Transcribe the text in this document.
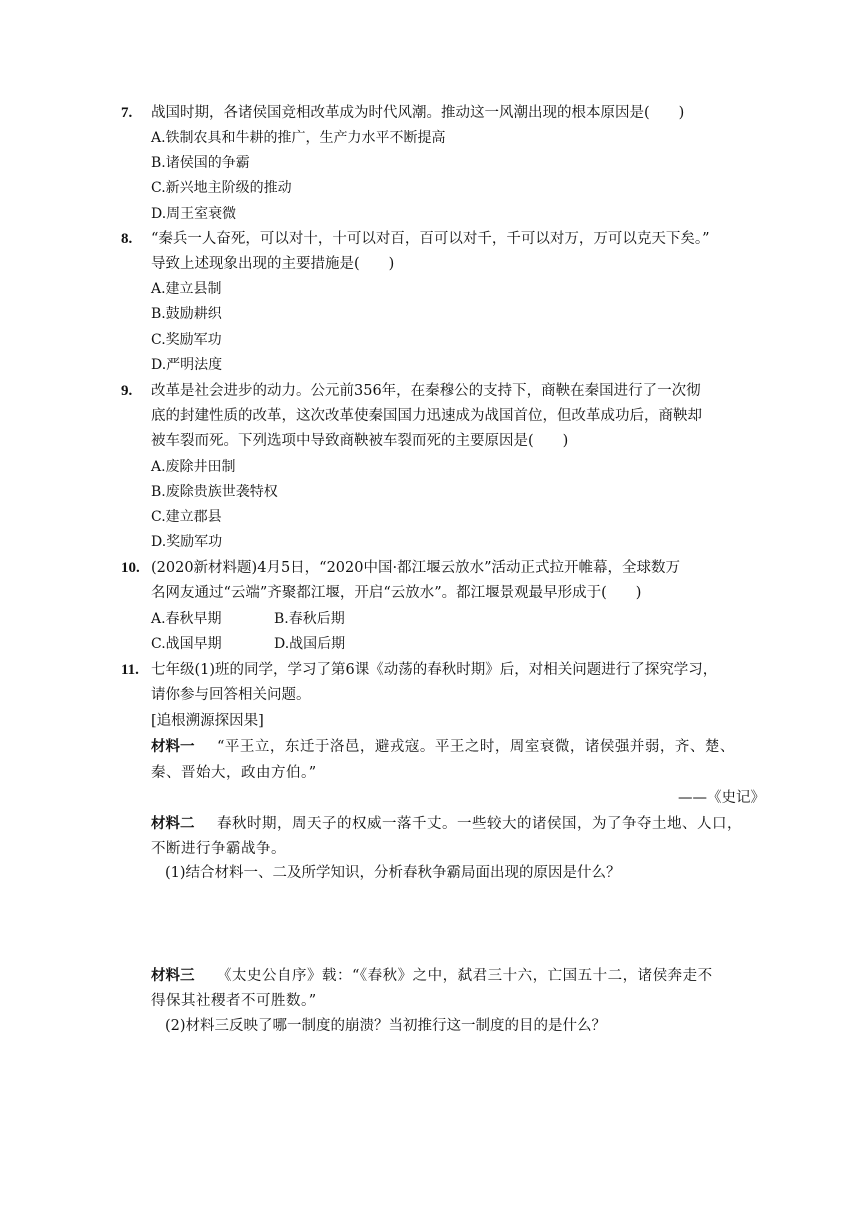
7. 战国时期，各诸侯国竞相改革成为时代风潮。推动这一风潮出现的根本原因是(　　)
A.铁制农具和牛耕的推广，生产力水平不断提高
B.诸侯国的争霸
C.新兴地主阶级的推动
D.周王室衰微
8. “秦兵一人奋死，可以对十，十可以对百，百可以对千，千可以对万，万可以克天下矣。”
导致上述现象出现的主要措施是(　　)
A.建立县制
B.鼓励耕织
C.奖励军功
D.严明法度
9. 改革是社会进步的动力。公元前356年，在秦穆公的支持下，商鞅在秦国进行了一次彻
底的封建性质的改革，这次改革使秦国国力迅速成为战国首位，但改革成功后，商鞅却
被车裂而死。下列选项中导致商鞅被车裂而死的主要原因是(　　)
A.废除井田制
B.废除贵族世袭特权
C.建立郡县
D.奖励军功
10. (2020新材料题)4月5日，“2020中国·都江堰云放水”活动正式拉开帷幕，全球数万
名网友通过“云端”齐聚都江堰，开启“云放水”。都江堰景观最早形成于(　　)
A.春秋早期	B.春秋后期
C.战国早期	D.战国后期
11. 七年级(1)班的同学，学习了第6课《动荡的春秋时期》后，对相关问题进行了探究学习，
请你参与回答相关问题。
[追根溯源探因果]
材料一 “平王立，东迁于洛邑，避戎寇。平王之时，周室衰微，诸侯强并弱，齐、楚、
秦、晋始大，政由方伯。”
——《史记》
材料二 春秋时期，周天子的权威一落千丈。一些较大的诸侯国，为了争夺土地、人口，
不断进行争霸战争。
(1)结合材料一、二及所学知识，分析春秋争霸局面出现的原因是什么？
材料三 《太史公自序》载：“《春秋》之中，弑君三十六，亡国五十二，诸侯奔走不
得保其社稷者不可胜数。”
(2)材料三反映了哪一制度的崩溃？当初推行这一制度的目的是什么？
